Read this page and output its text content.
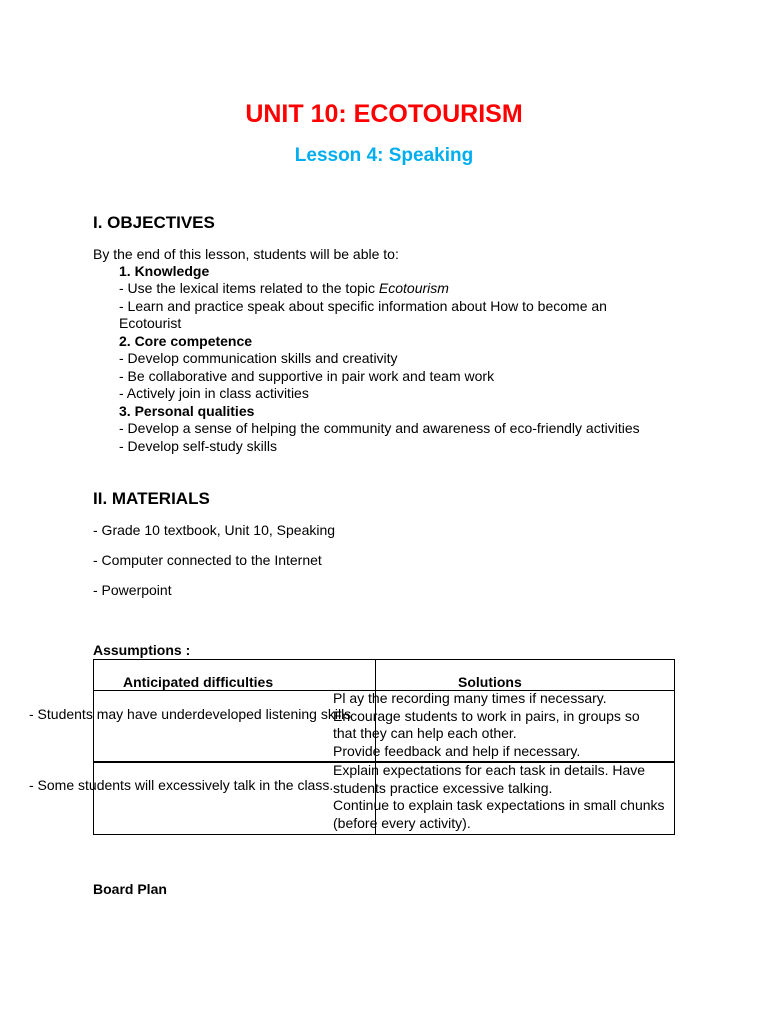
UNIT 10: ECOTOURISM
Lesson 4: Speaking
I. OBJECTIVES
By the end of this lesson, students will be able to:
1. Knowledge
- Use the lexical items related to the topic Ecotourism
- Learn and practice speak about specific information about How to become an
Ecotourist
2. Core competence
- Develop communication skills and creativity
- Be collaborative and supportive in pair work and team work
- Actively join in class activities
3. Personal qualities
- Develop a sense of helping the community and awareness of eco-friendly activities
- Develop self-study skills
II. MATERIALS
- Grade 10 textbook, Unit 10, Speaking
- Computer connected to the Internet
- Powerpoint
Assumptions :
Anticipated difficulties	Solutions
Pl ay the recording many times if necessary.
- Students may have underdeveloped listening skills
Encourage students to work in pairs, in groups so
that they can help each other.
Provide feedback and help if necessary.
Explain expectations for each task in details. Have
- Some students will excessively talk in the class. students practice excessive talking.
Continue to explain task expectations in small chunks
(before every activity).
Board Plan
